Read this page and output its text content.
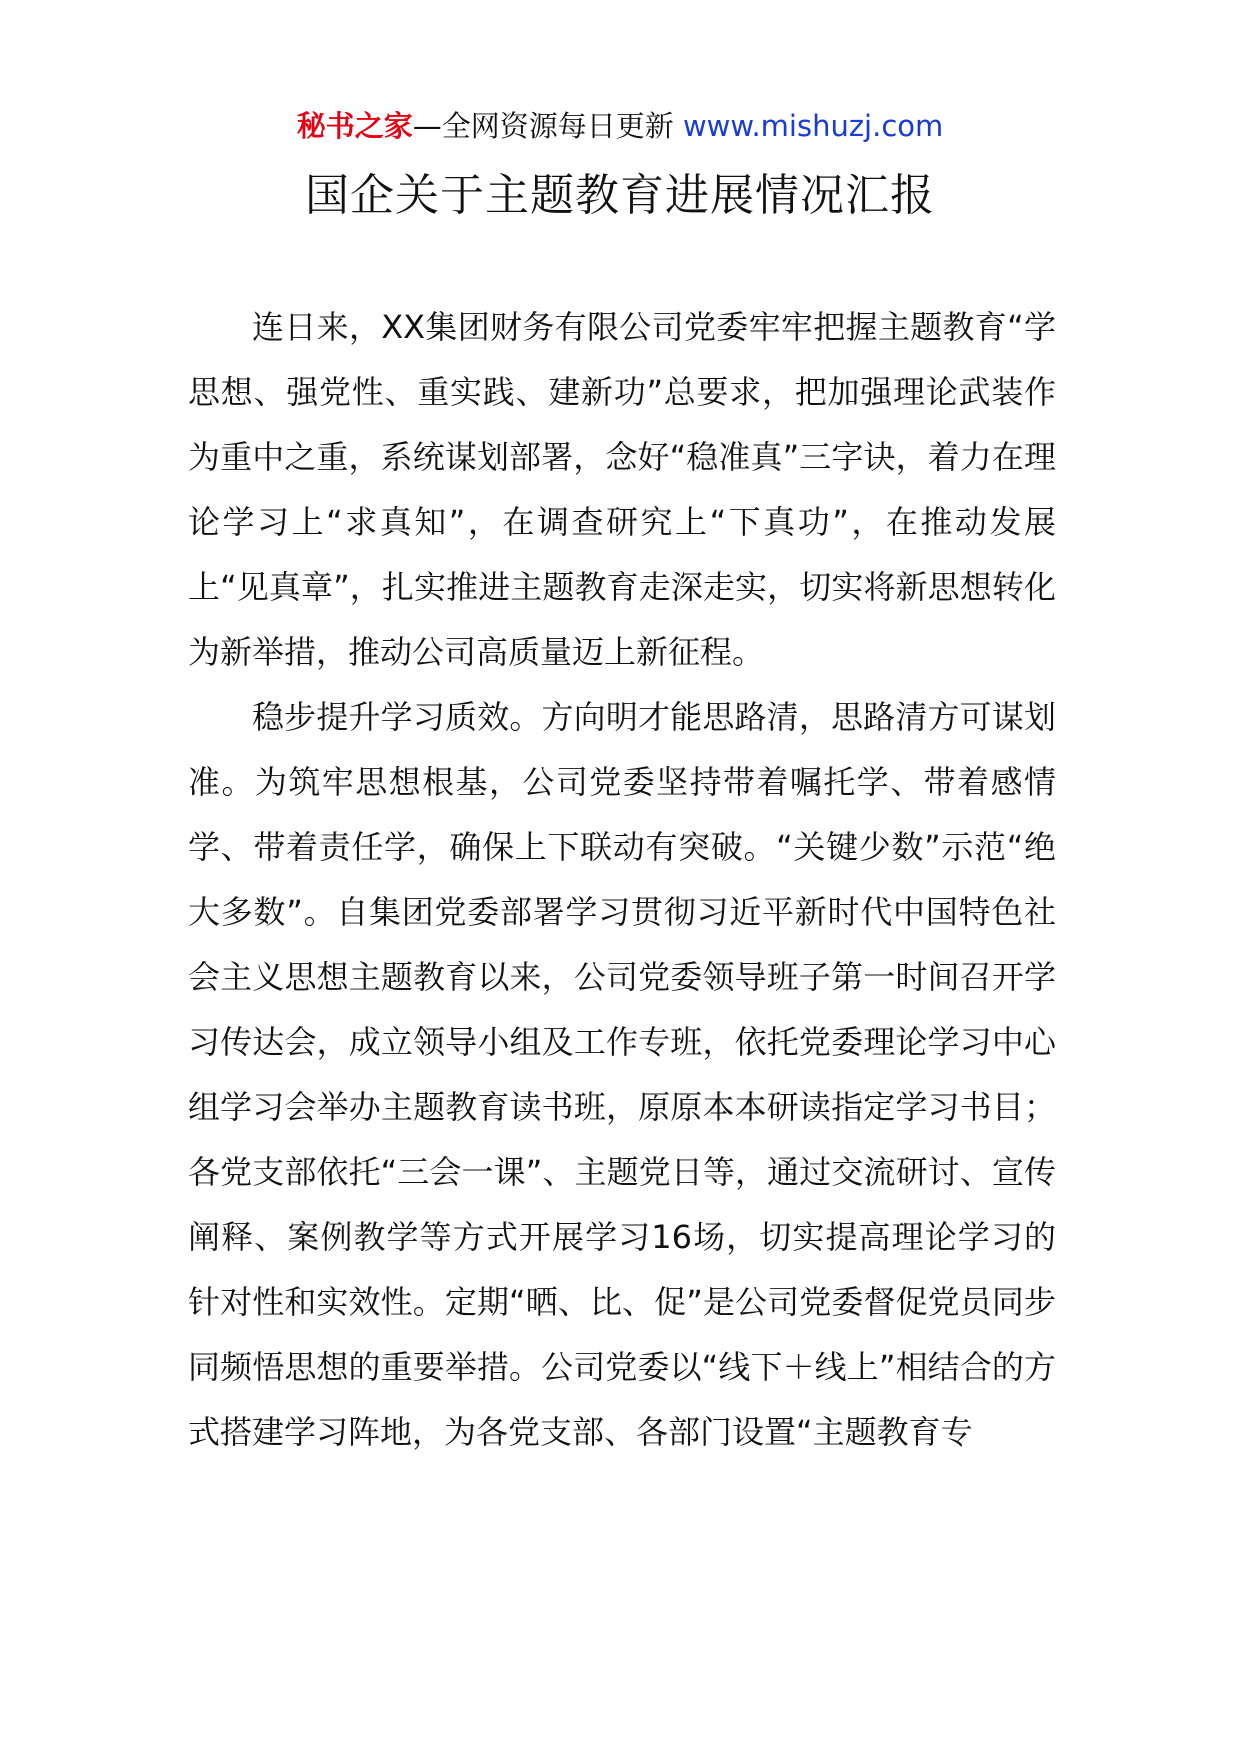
秘书之家—全网资源每日更新 www.mishuzj.com
国企关于主题教育进展情况汇报

连日来，XX集团财务有限公司党委牢牢把握主题教育“学思想、强党性、重实践、建新功”总要求，把加强理论武装作为重中之重，系统谋划部署，念好“稳准真”三字诀，着力在理论学习上“求真知”，在调查研究上“下真功”，在推动发展上“见真章”，扎实推进主题教育走深走实，切实将新思想转化为新举措，推动公司高质量迈上新征程。

稳步提升学习质效。方向明才能思路清，思路清方可谋划准。为筑牢思想根基，公司党委坚持带着嘱托学、带着感情学、带着责任学，确保上下联动有突破。“关键少数”示范“绝大多数”。自集团党委部署学习贯彻习近平新时代中国特色社会主义思想主题教育以来，公司党委领导班子第一时间召开学习传达会，成立领导小组及工作专班，依托党委理论学习中心组学习会举办主题教育读书班，原原本本研读指定学习书目；各党支部依托“三会一课”、主题党日等，通过交流研讨、宣传阐释、案例教学等方式开展学习16场，切实提高理论学习的针对性和实效性。定期“晒、比、促”是公司党委督促党员同步同频悟思想的重要举措。公司党委以“线下＋线上”相结合的方式搭建学习阵地，为各党支部、各部门设置“主题教育专
